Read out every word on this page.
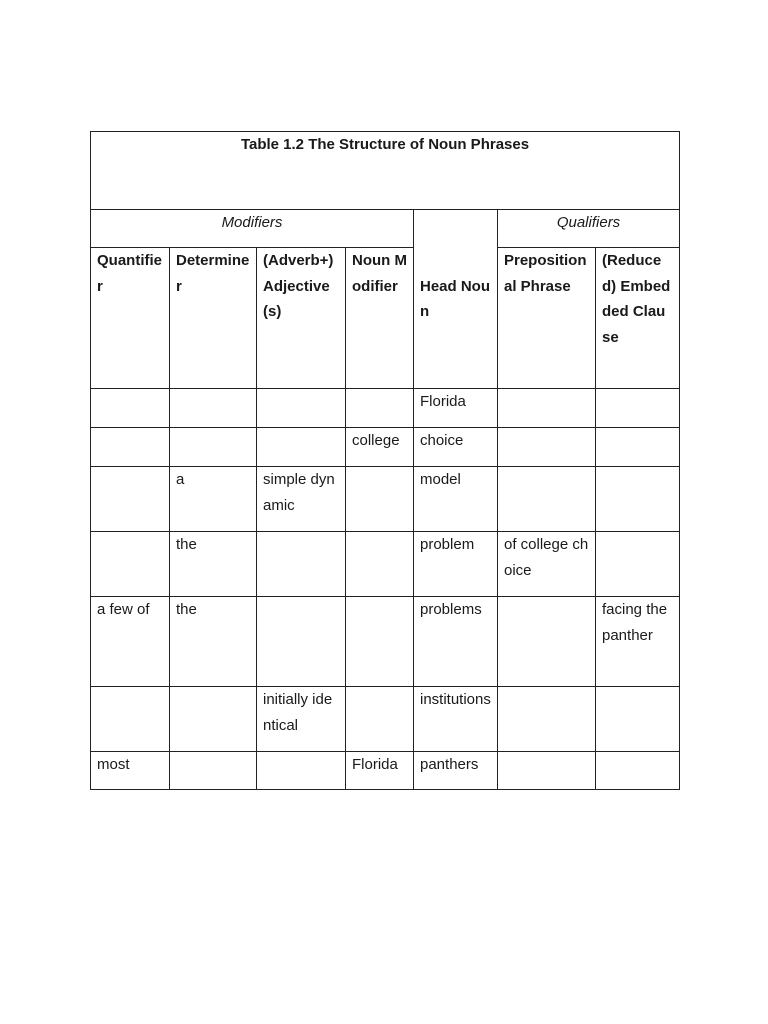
Table 1.2 The Structure of Noun Phrases						
Modifiers				Head Noun	Qualifiers	
Quantifier	Determiner	(Adverb+) Adjective(s)	Noun Modifier		Prepositional Phrase	(Reduced) Embedded Clause
				Florida		
			college	choice		
	a	simple dynamic		model		
	the			problem	of college choice	
a few of	the			problems		facing the panther
		initially identical		institutions		
most			Florida	panthers		
